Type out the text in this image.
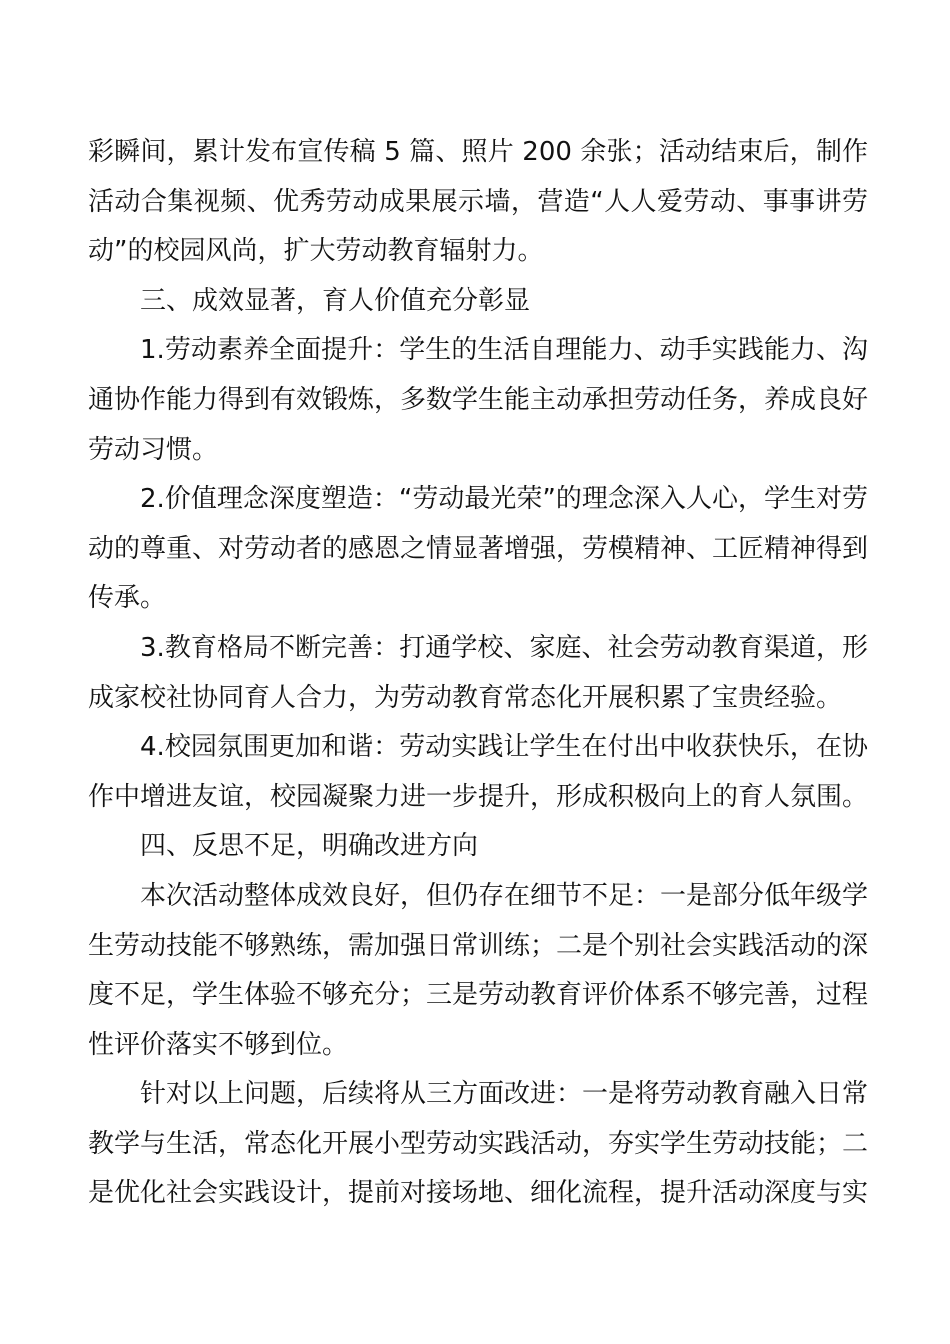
彩瞬间，累计发布宣传稿 5 篇、照片 200 余张；活动结束后，制作活动合集视频、优秀劳动成果展示墙，营造“人人爱劳动、事事讲劳动”的校园风尚，扩大劳动教育辐射力。

三、成效显著，育人价值充分彰显

1.劳动素养全面提升：学生的生活自理能力、动手实践能力、沟通协作能力得到有效锻炼，多数学生能主动承担劳动任务，养成良好劳动习惯。

2.价值理念深度塑造：“劳动最光荣”的理念深入人心，学生对劳动的尊重、对劳动者的感恩之情显著增强，劳模精神、工匠精神得到传承。

3.教育格局不断完善：打通学校、家庭、社会劳动教育渠道，形成家校社协同育人合力，为劳动教育常态化开展积累了宝贵经验。

4.校园氛围更加和谐：劳动实践让学生在付出中收获快乐，在协作中增进友谊，校园凝聚力进一步提升，形成积极向上的育人氛围。

四、反思不足，明确改进方向

本次活动整体成效良好，但仍存在细节不足：一是部分低年级学生劳动技能不够熟练，需加强日常训练；二是个别社会实践活动的深度不足，学生体验不够充分；三是劳动教育评价体系不够完善，过程性评价落实不够到位。

针对以上问题，后续将从三方面改进：一是将劳动教育融入日常教学与生活，常态化开展小型劳动实践活动，夯实学生劳动技能；二是优化社会实践设计，提前对接场地、细化流程，提升活动深度与实
